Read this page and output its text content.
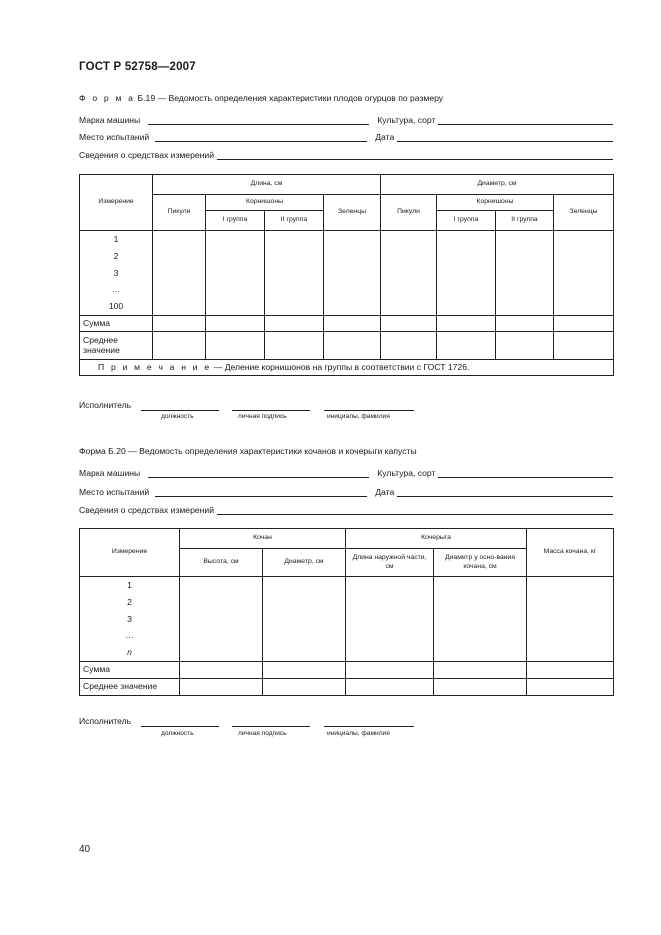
ГОСТ Р 52758—2007
Ф о р м а Б.19 — Ведомость определения характеристики плодов огурцов по размеру
Марка машины	Культура, сорт
Место испытаний	Дата
Сведения о средствах измерений
Измерение	Длина, см				Диаметр, см			
	Пикули	Корнишоны		Зеленцы	Пикули	Корнишоны		Зеленцы
		I группа	II группа			I группа	II группа	

1
2
3
…
100								

Сумма								
Среднее значение								
П р и м е ч а н и е — Деление корнишонов на группы в соответствии с ГОСТ 1726.								
Исполнитель
должность	личная подпись	инициалы, фамилия
Форма Б.20 — Ведомость определения характеристики кочанов и кочерыги капусты
Марка машины	Культура, сорт
Место испытаний	Дата
Сведения о средствах измерений
Измерение	Кочан		Кочерыга		Масса кочана, кг
	Высота, см	Диаметр, см	Длина наружной части, см	Диаметр у осно-вания кочана, см	

1
2
3
…
n					

Сумма					
Среднее значение					
Исполнитель
должность	личная подпись	инициалы, фамилия
40
